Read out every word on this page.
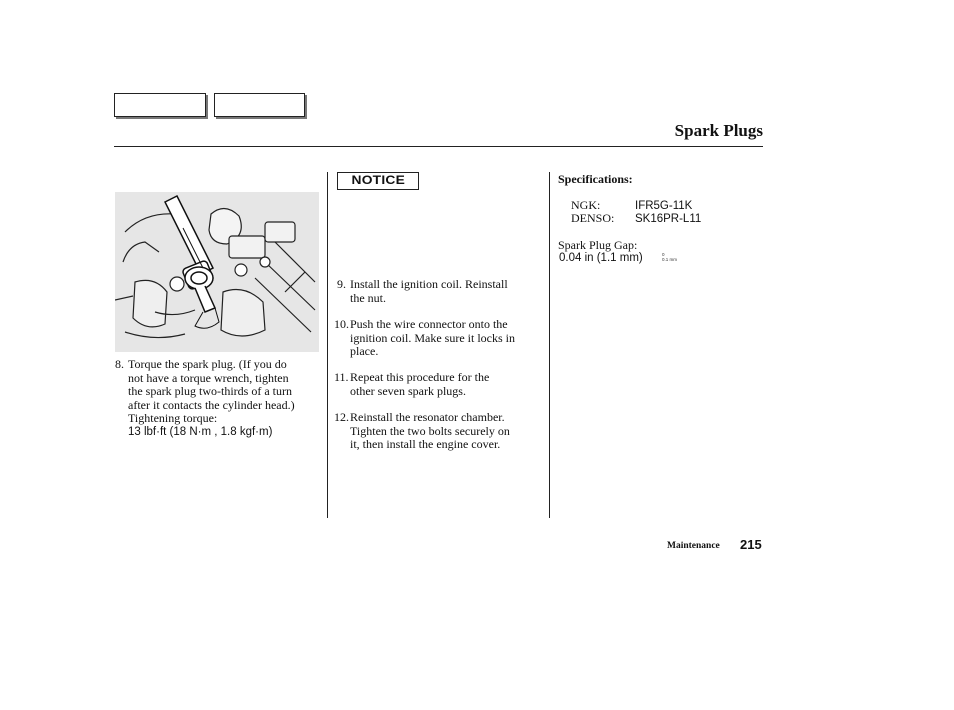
Spark Plugs
8. Torque the spark plug. (If you do
not have a torque wrench, tighten
the spark plug two-thirds of a turn
after it contacts the cylinder head.)
Tightening torque:
13 lbf·ft (18 N·m , 1.8 kgf·m)
NOTICE
9. Install the ignition coil. Reinstall
the nut.
10. Push the wire connector onto the
ignition coil. Make sure it locks in
place.
11. Repeat this procedure for the
other seven spark plugs.
12. Reinstall the resonator chamber.
Tighten the two bolts securely on
it, then install the engine cover.
Specifications:
NGK:	IFR5G-11K
DENSO: SK16PR-L11
Spark Plug Gap:
0.04 in (1.1 mm)	0
0.1 mm
Maintenance 215
